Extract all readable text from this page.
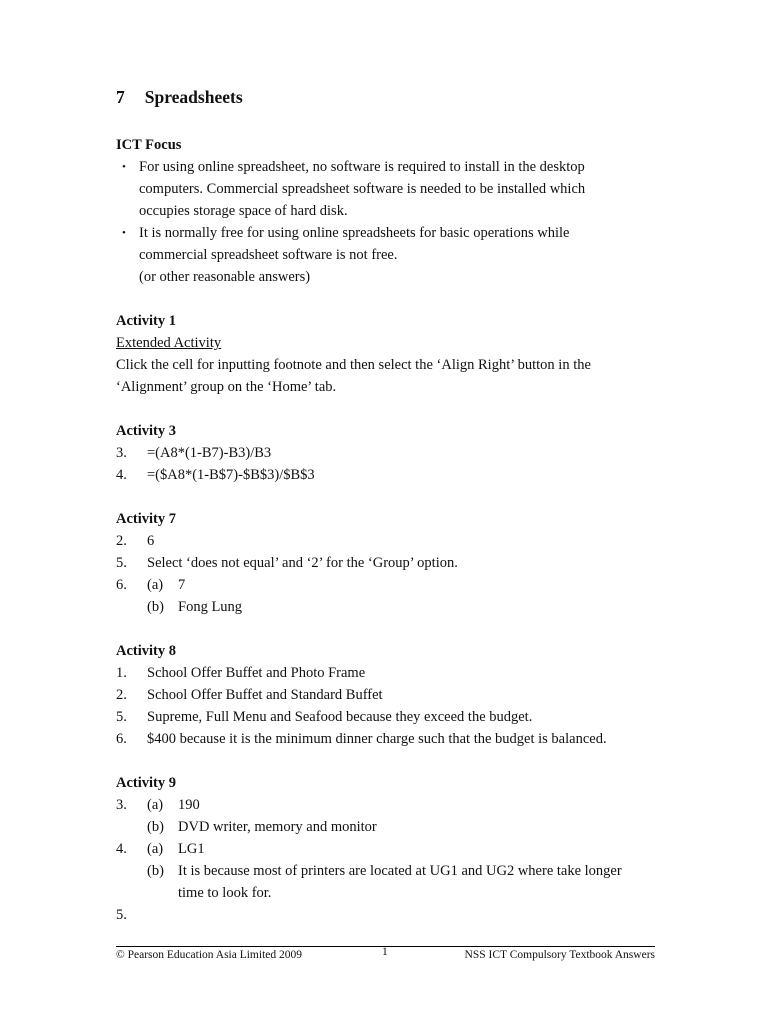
7 Spreadsheets
ICT Focus
• For using online spreadsheet, no software is required to install in the desktop
computers. Commercial spreadsheet software is needed to be installed which
occupies storage space of hard disk.
• It is normally free for using online spreadsheets for basic operations while
commercial spreadsheet software is not free.
(or other reasonable answers)
Activity 1
Extended Activity
Click the cell for inputting footnote and then select the ‘Align Right’ button in the
‘Alignment’ group on the ‘Home’ tab.
Activity 3
3. =(A8*(1-B7)-B3)/B3
4. =($A8*(1-B$7)-$B$3)/$B$3
Activity 7
2. 6
5. Select ‘does not equal’ and ‘2’ for the ‘Group’ option.
6. (a) 7
(b) Fong Lung
Activity 8
1. School Offer Buffet and Photo Frame
2. School Offer Buffet and Standard Buffet
5. Supreme, Full Menu and Seafood because they exceed the budget.
6. $400 because it is the minimum dinner charge such that the budget is balanced.
Activity 9
3. (a) 190
(b) DVD writer, memory and monitor
4. (a) LG1
(b) It is because most of printers are located at UG1 and UG2 where take longer
time to look for.
5.
© Pearson Education Asia Limited 2009	1	NSS ICT Compulsory Textbook Answers
